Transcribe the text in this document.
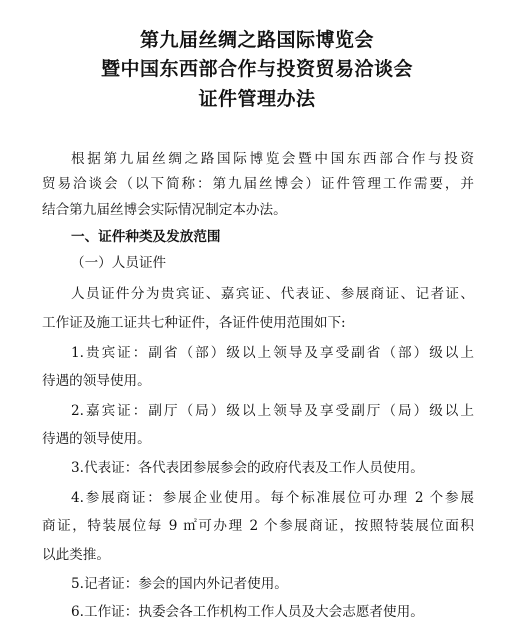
第九届丝绸之路国际博览会
暨中国东西部合作与投资贸易洽谈会
证件管理办法
根据第九届丝绸之路国际博览会暨中国东西部合作与投资
贸易洽谈会（以下简称：第九届丝博会）证件管理工作需要，并
结合第九届丝博会实际情况制定本办法。
一、证件种类及发放范围
（一）人员证件
人员证件分为贵宾证、嘉宾证、代表证、参展商证、记者证、
工作证及施工证共七种证件，各证件使用范围如下:
1.贵宾证：副省（部）级以上领导及享受副省（部）级以上
待遇的领导使用。
2.嘉宾证：副厅（局）级以上领导及享受副厅（局）级以上
待遇的领导使用。
3.代表证：各代表团参展参会的政府代表及工作人员使用。
4.参展商证：参展企业使用。每个标准展位可办理 2 个参展
商证，特装展位每 9 ㎡可办理 2 个参展商证，按照特装展位面积
以此类推。
5.记者证：参会的国内外记者使用。
6.工作证：执委会各工作机构工作人员及大会志愿者使用。
